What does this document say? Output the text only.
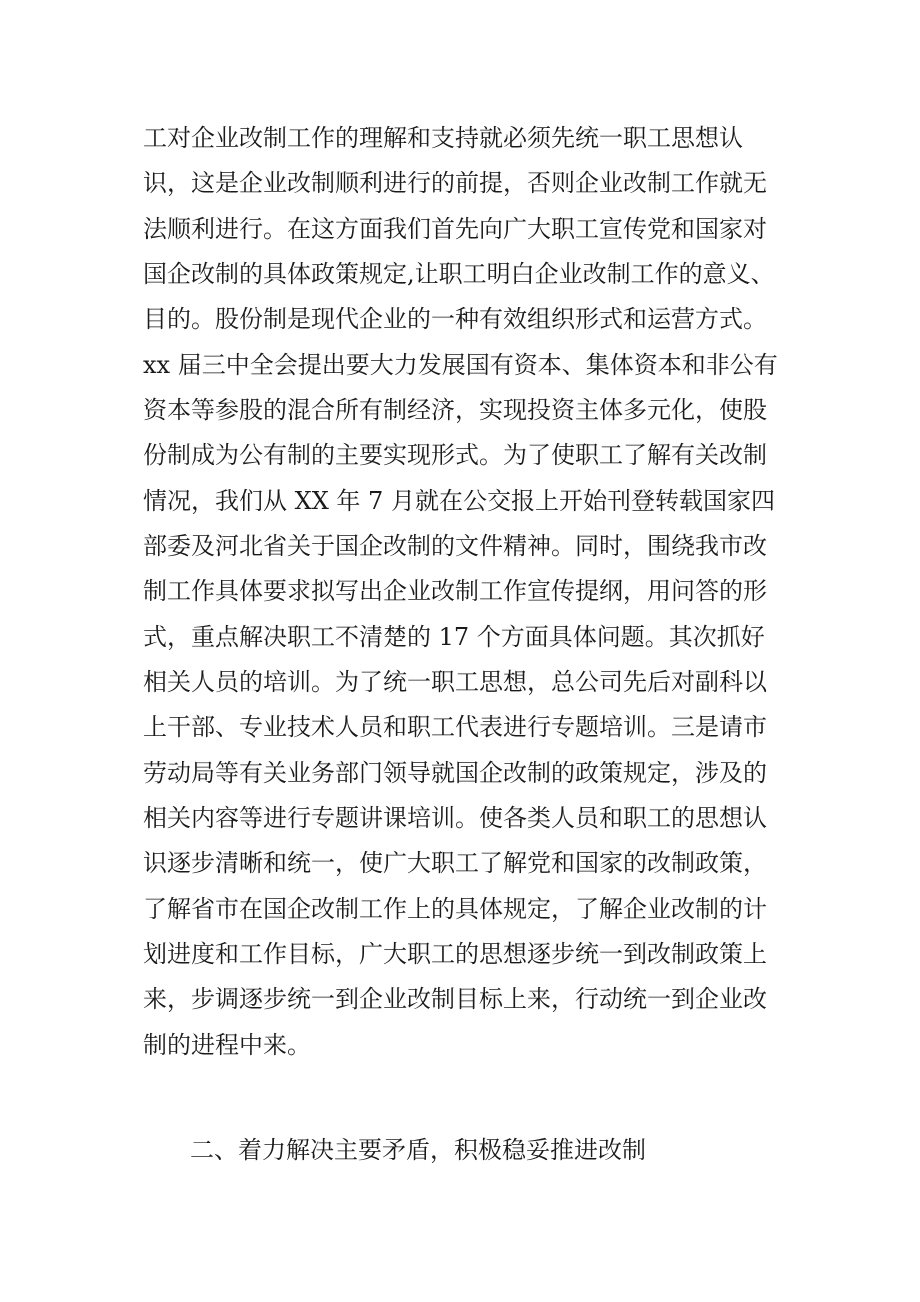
工对企业改制工作的理解和支持就必须先统一职工思想认
识，这是企业改制顺利进行的前提，否则企业改制工作就无
法顺利进行。在这方面我们首先向广大职工宣传党和国家对
国企改制的具体政策规定,让职工明白企业改制工作的意义、
目的。股份制是现代企业的一种有效组织形式和运营方式。
xx 届三中全会提出要大力发展国有资本、集体资本和非公有
资本等参股的混合所有制经济，实现投资主体多元化，使股
份制成为公有制的主要实现形式。为了使职工了解有关改制
情况，我们从 XX 年 7 月就在公交报上开始刊登转载国家四
部委及河北省关于国企改制的文件精神。同时，围绕我市改
制工作具体要求拟写出企业改制工作宣传提纲，用问答的形
式，重点解决职工不清楚的 17 个方面具体问题。其次抓好
相关人员的培训。为了统一职工思想，总公司先后对副科以
上干部、专业技术人员和职工代表进行专题培训。三是请市
劳动局等有关业务部门领导就国企改制的政策规定，涉及的
相关内容等进行专题讲课培训。使各类人员和职工的思想认
识逐步清晰和统一，使广大职工了解党和国家的改制政策，
了解省市在国企改制工作上的具体规定，了解企业改制的计
划进度和工作目标，广大职工的思想逐步统一到改制政策上
来，步调逐步统一到企业改制目标上来，行动统一到企业改
制的进程中来。
二、着力解决主要矛盾，积极稳妥推进改制
